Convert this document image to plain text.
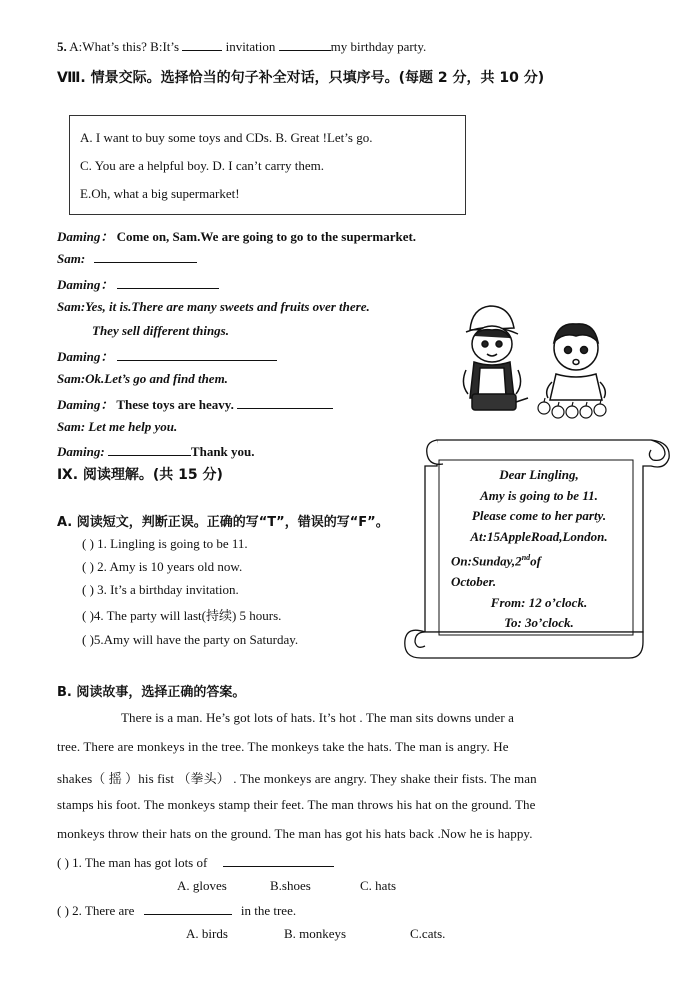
5. A:What’s this? B:It’s	invitation	my birthday party.
Ⅷ. 情景交际。选择恰当的句子补全对话，只填序号。(每题 2 分，共 10 分)
A. I want to buy some toys and CDs. B. Great !Let’s go.
C. You are a helpful boy. D. I can’t carry them.
E.Oh, what a big supermarket!
Daming： Come on, Sam.We are going to go to the supermarket.
Sam:
Daming：
Sam:Yes, it is.There are many sweets and fruits over there.
They sell different things.
Daming：
Sam:Ok.Let’s go and find them.
Daming： These toys are heavy.
Sam: Let me help you.
Daming:	Thank you.
Ⅸ. 阅读理解。(共 15 分)
A. 阅读短文，判断正误。正确的写“T”，错误的写“F”。
( ) 1. Lingling is going to be 11.
( ) 2. Amy is 10 years old now.
( ) 3. It’s a birthday invitation.
( )4. The party will last(持续) 5 hours.
( )5.Amy will have the party on Saturday.
Dear Lingling,
Amy is going to be 11.
Please come to her party.
At:15AppleRoad,London.
On:Sunday,2ndof
October.
From: 12 o’clock.
To: 3o’clock.
B. 阅读故事，选择正确的答案。
There is a man. He’s got lots of hats. It’s hot . The man sits downs under a
tree. There are monkeys in the tree. The monkeys take the hats. The man is angry. He
shakes（ 摇 ）his fist （拳头） . The monkeys are angry. They shake their fists. The man
stamps his foot. The monkeys stamp their feet. The man throws his hat on the ground. The
monkeys throw their hats on the ground. The man has got his hats back .Now he is happy.
( ) 1. The man has got lots of
A. gloves	B.shoes	C. hats
( ) 2. There are	in the tree.
A. birds	B. monkeys	C.cats.
